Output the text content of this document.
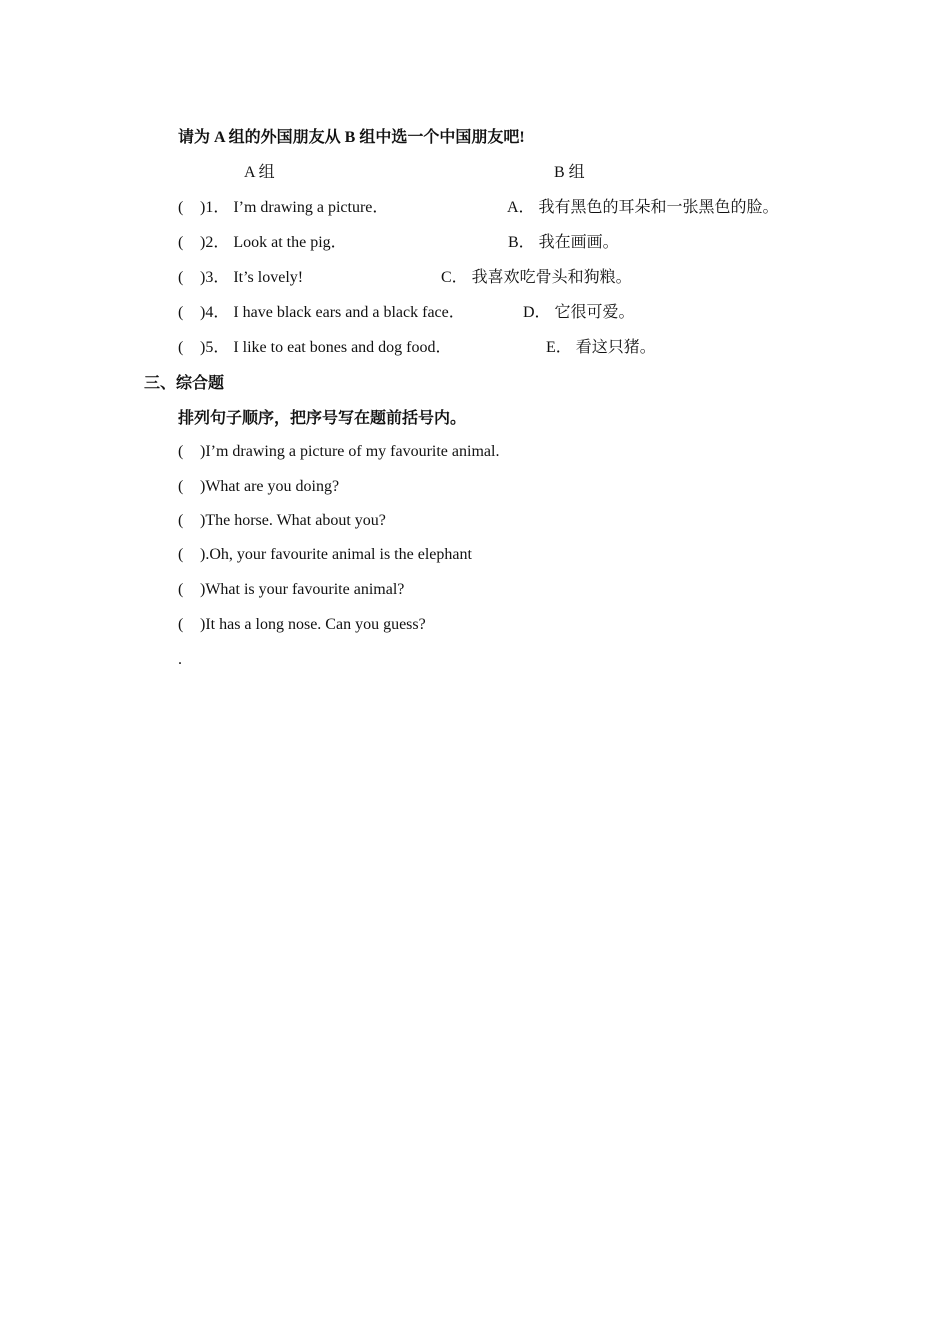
请为 A 组的外国朋友从 B 组中选一个中国朋友吧!
A 组	B 组
( )1． I’m drawing a picture．
( )2． Look at the pig．
( )3． It’s lovely!
( )4． I have black ears and a black face．
( )5． I like to eat bones and dog food．
A． 我有黑色的耳朵和一张黑色的脸。
B． 我在画画。
C． 我喜欢吃骨头和狗粮。
D． 它很可爱。
E． 看这只猪。
三、综合题
排列句子顺序，把序号写在题前括号内。
( )I’m drawing a picture of my favourite animal.
( )What are you doing?
( )The horse. What about you?
( ).Oh, your favourite animal is the elephant
( )What is your favourite animal?
( )It has a long nose. Can you guess?
.
